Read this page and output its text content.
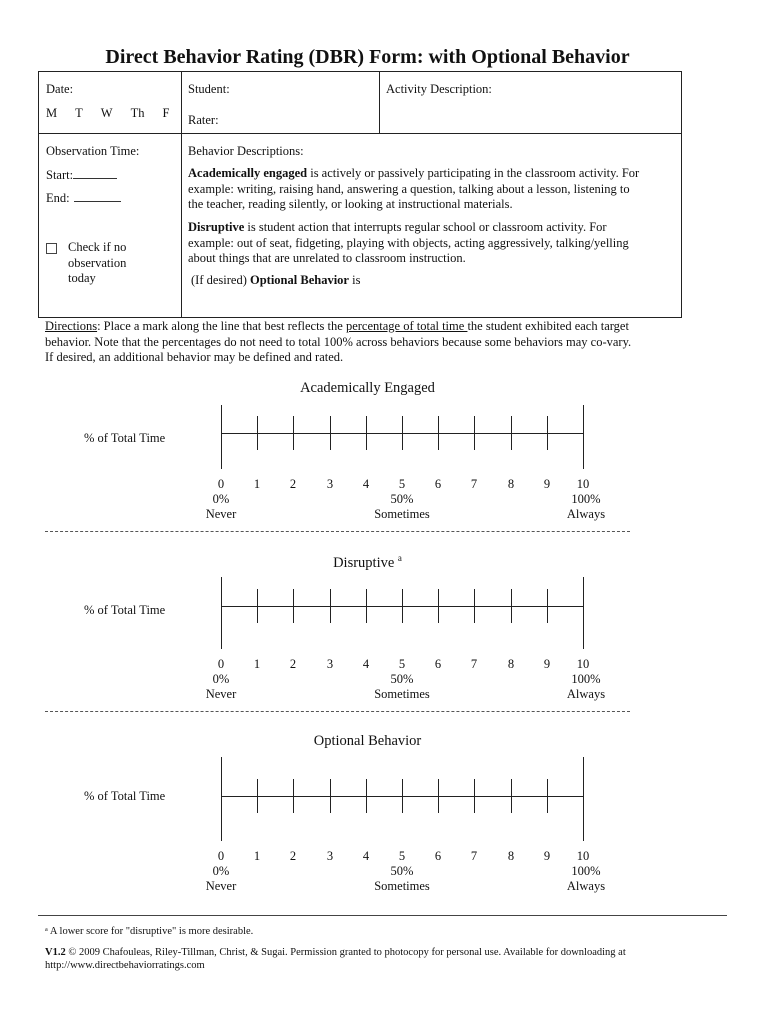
Direct Behavior Rating (DBR) Form: with Optional Behavior
Date:
M T W Th F
Student:
Rater:
Activity Description:
Observation Time:
Start:
End:
Check if no
observation
today
Behavior Descriptions:
Academically engaged is actively or passively participating in the classroom activity. For
example: writing, raising hand, answering a question, talking about a lesson, listening to
the teacher, reading silently, or looking at instructional materials.
Disruptive is student action that interrupts regular school or classroom activity. For
example: out of seat, fidgeting, playing with objects, acting aggressively, talking/yelling
about things that are unrelated to classroom instruction.
(If desired) Optional Behavior is
Directions: Place a mark along the line that best reflects the percentage of total time the student exhibited each target
behavior. Note that the percentages do not need to total 100% across behaviors because some behaviors may co-vary.
If desired, an additional behavior may be defined and rated.
Academically Engaged
% of Total Time
0	1	2	3	4	5	6	7	8	9	10
0%
Never
50%
Sometimes
100%
Always
Disruptive $^a$
% of Total Time
0	1	2	3	4	5	6	7	8	9	10
0%
Never
50%
Sometimes
100%
Always
Optional Behavior
% of Total Time
0	1	2	3	4	5	6	7	8	9	10
0%
Never
50%
Sometimes
100%
Always
ᵃ A lower score for "disruptive" is more desirable.
V1.2 © 2009 Chafouleas, Riley-Tillman, Christ, & Sugai. Permission granted to photocopy for personal use. Available for downloading at
http://www.directbehaviorratings.com
